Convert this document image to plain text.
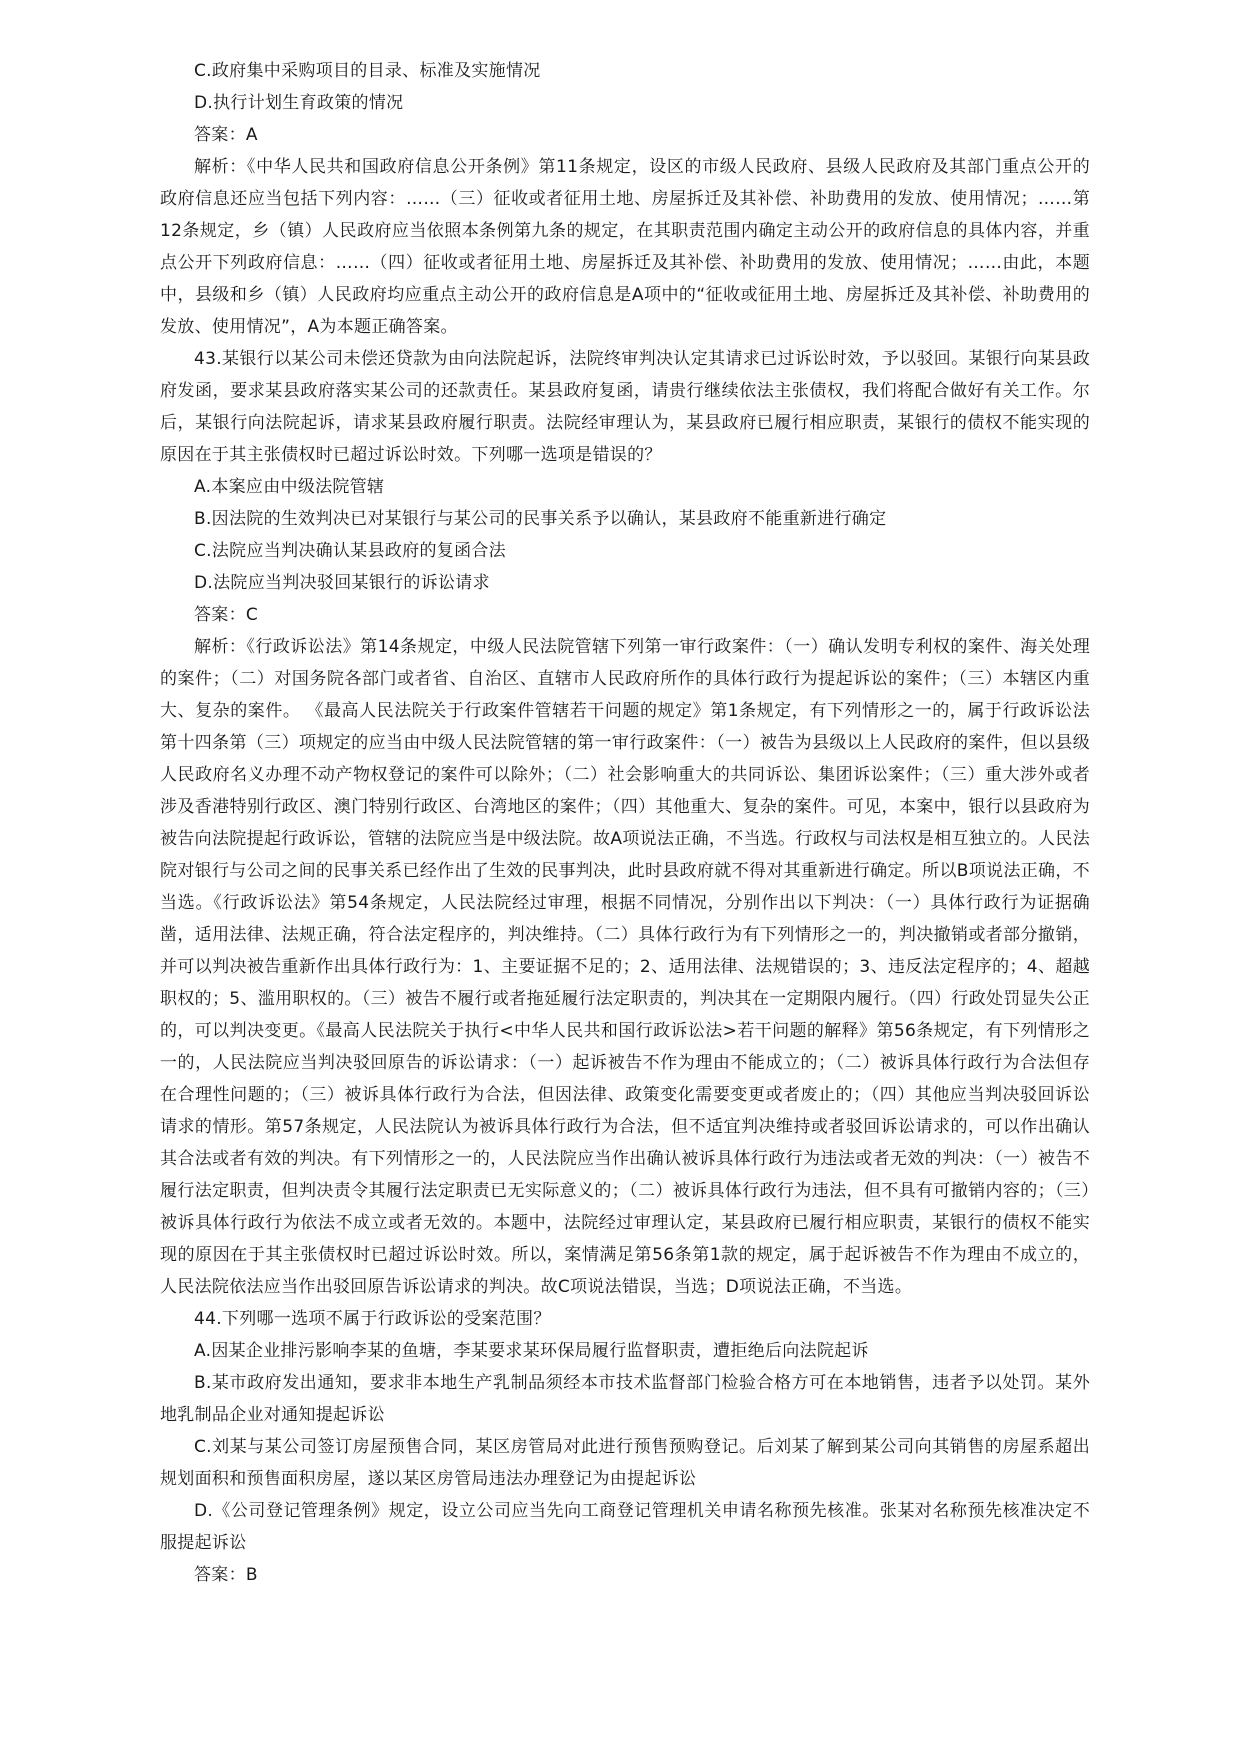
C.政府集中采购项目的目录、标准及实施情况

D.执行计划生育政策的情况

答案：A

解析：《中华人民共和国政府信息公开条例》第11条规定，设区的市级人民政府、县级人民政府及其部门重点公开的政府信息还应当包括下列内容：……（三）征收或者征用土地、房屋拆迁及其补偿、补助费用的发放、使用情况；……第12条规定，乡（镇）人民政府应当依照本条例第九条的规定，在其职责范围内确定主动公开的政府信息的具体内容，并重点公开下列政府信息：……（四）征收或者征用土地、房屋拆迁及其补偿、补助费用的发放、使用情况；……由此，本题中，县级和乡（镇）人民政府均应重点主动公开的政府信息是A项中的“征收或征用土地、房屋拆迁及其补偿、补助费用的发放、使用情况”，A为本题正确答案。

43.某银行以某公司未偿还贷款为由向法院起诉，法院终审判决认定其请求已过诉讼时效，予以驳回。某银行向某县政府发函，要求某县政府落实某公司的还款责任。某县政府复函，请贵行继续依法主张债权，我们将配合做好有关工作。尔后，某银行向法院起诉，请求某县政府履行职责。法院经审理认为，某县政府已履行相应职责，某银行的债权不能实现的原因在于其主张债权时已超过诉讼时效。下列哪一选项是错误的？

A.本案应由中级法院管辖

B.因法院的生效判决已对某银行与某公司的民事关系予以确认，某县政府不能重新进行确定

C.法院应当判决确认某县政府的复函合法

D.法院应当判决驳回某银行的诉讼请求

答案：C

解析：《行政诉讼法》第14条规定，中级人民法院管辖下列第一审行政案件：（一）确认发明专利权的案件、海关处理的案件；（二）对国务院各部门或者省、自治区、直辖市人民政府所作的具体行政行为提起诉讼的案件；（三）本辖区内重大、复杂的案件。 《最高人民法院关于行政案件管辖若干问题的规定》第1条规定，有下列情形之一的，属于行政诉讼法第十四条第（三）项规定的应当由中级人民法院管辖的第一审行政案件：（一）被告为县级以上人民政府的案件，但以县级人民政府名义办理不动产物权登记的案件可以除外；（二）社会影响重大的共同诉讼、集团诉讼案件；（三）重大涉外或者涉及香港特别行政区、澳门特别行政区、台湾地区的案件；（四）其他重大、复杂的案件。可见，本案中，银行以县政府为被告向法院提起行政诉讼，管辖的法院应当是中级法院。故A项说法正确，不当选。行政权与司法权是相互独立的。人民法院对银行与公司之间的民事关系已经作出了生效的民事判决，此时县政府就不得对其重新进行确定。所以B项说法正确，不当选。《行政诉讼法》第54条规定，人民法院经过审理，根据不同情况，分别作出以下判决：（一）具体行政行为证据确凿，适用法律、法规正确，符合法定程序的，判决维持。（二）具体行政行为有下列情形之一的，判决撤销或者部分撤销，并可以判决被告重新作出具体行政行为：1、主要证据不足的；2、适用法律、法规错误的；3、违反法定程序的；4、超越职权的；5、滥用职权的。（三）被告不履行或者拖延履行法定职责的，判决其在一定期限内履行。（四）行政处罚显失公正的，可以判决变更。《最高人民法院关于执行<中华人民共和国行政诉讼法>若干问题的解释》第56条规定，有下列情形之一的，人民法院应当判决驳回原告的诉讼请求：（一）起诉被告不作为理由不能成立的；（二）被诉具体行政行为合法但存在合理性问题的；（三）被诉具体行政行为合法，但因法律、政策变化需要变更或者废止的；（四）其他应当判决驳回诉讼请求的情形。第57条规定，人民法院认为被诉具体行政行为合法，但不适宜判决维持或者驳回诉讼请求的，可以作出确认其合法或者有效的判决。有下列情形之一的，人民法院应当作出确认被诉具体行政行为违法或者无效的判决：（一）被告不履行法定职责，但判决责令其履行法定职责已无实际意义的；（二）被诉具体行政行为违法，但不具有可撤销内容的；（三）被诉具体行政行为依法不成立或者无效的。本题中，法院经过审理认定，某县政府已履行相应职责，某银行的债权不能实现的原因在于其主张债权时已超过诉讼时效。所以，案情满足第56条第1款的规定，属于起诉被告不作为理由不成立的，人民法院依法应当作出驳回原告诉讼请求的判决。故C项说法错误，当选；D项说法正确，不当选。

44.下列哪一选项不属于行政诉讼的受案范围？

A.因某企业排污影响李某的鱼塘，李某要求某环保局履行监督职责，遭拒绝后向法院起诉

B.某市政府发出通知，要求非本地生产乳制品须经本市技术监督部门检验合格方可在本地销售，违者予以处罚。某外地乳制品企业对通知提起诉讼

C.刘某与某公司签订房屋预售合同，某区房管局对此进行预售预购登记。后刘某了解到某公司向其销售的房屋系超出规划面积和预售面积房屋，遂以某区房管局违法办理登记为由提起诉讼

D.《公司登记管理条例》规定，设立公司应当先向工商登记管理机关申请名称预先核准。张某对名称预先核准决定不服提起诉讼

答案：B
